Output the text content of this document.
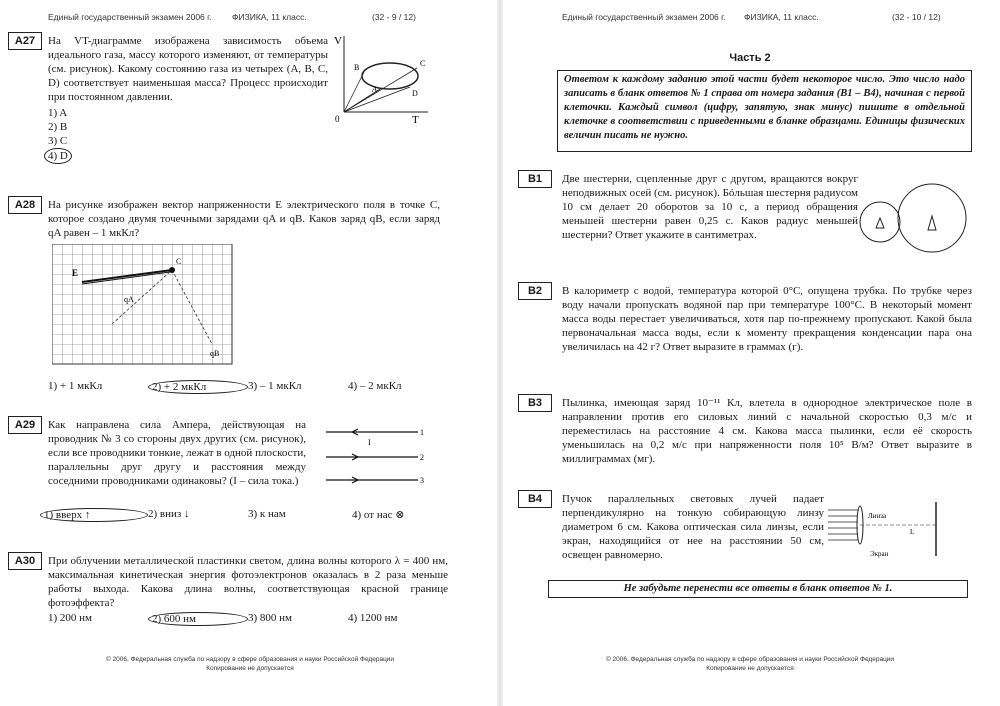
Единый государственный экзамен 2006 г. ФИЗИКА, 11 класс.	(32 - 9 / 12)
A27	На VT-диаграмме изображена зависимость объема идеального газа, массу которого изменяют, от температуры (см. рисунок). Какому состоянию газа из четырех (A, B, C, D) соответствует наименьшая масса? Процесс происходит при постоянном давлении.
1) A
2) B
3) C
4) D
V
T
0
A
B	C
D
A28	На рисунке изображен вектор напряженности E электрического поля в точке С, которое создано двумя точечными зарядами qA и qB. Каков заряд qB, если заряд qA равен – 1 мкКл?
E
C
qA
qB
1) + 1 мкКл	2) + 2 мкКл	3) – 1 мкКл	4) – 2 мкКл
A29	Как направлена сила Ампера, действующая на проводник № 3 со стороны двух других (см. рисунок), если все проводники тонкие, лежат в одной плоскости, параллельны друг другу и расстояния между соседними проводниками одинаковы? (I – сила тока.)
1
2
3
I
1) вверх ↑	2) вниз ↓	3) к нам	4) от нас ⊗
A30	При облучении металлической пластинки светом, длина волны которого λ = 400 нм, максимальная кинетическая энергия фотоэлектронов оказалась в 2 раза меньше работы выхода. Какова длина волны, соответствующая красной границе фотоэффекта?
1) 200 нм	2) 600 нм	3) 800 нм	4) 1200 нм
© 2006. Федеральная служба по надзору в сфере образования и науки Российской Федерации
Копирование не допускается
Единый государственный экзамен 2006 г. ФИЗИКА, 11 класс.	(32 - 10 / 12)
Часть 2
Ответом к каждому заданию этой части будет некоторое число. Это число надо записать в бланк ответов № 1 справа от номера задания (В1 – В4), начиная с первой клеточки. Каждый символ (цифру, запятую, знак минус) пишите в отдельной клеточке в соответствии с приведенными в бланке образцами. Единицы физических величин писать не нужно.
B1	Две шестерни, сцепленные друг с другом, вращаются вокруг неподвижных осей (см. рисунок). Бóльшая шестерня радиусом 10 см делает 20 оборотов за 10 с, а период обращения меньшей шестерни равен 0,25 с. Каков радиус меньшей шестерни? Ответ укажите в сантиметрах.
B2	В калориметр с водой, температура которой 0°С, опущена трубка. По трубке через воду начали пропускать водяной пар при температуре 100°С. В некоторый момент масса воды перестает увеличиваться, хотя пар по-прежнему пропускают. Какой была первоначальная масса воды, если к моменту прекращения конденсации пара она увеличилась на 42 г? Ответ выразите в граммах (г).
B3	Пылинка, имеющая заряд 10⁻¹¹ Кл, влетела в однородное электрическое поле в направлении против его силовых линий с начальной скоростью 0,3 м/с и переместилась на расстояние 4 см. Какова масса пылинки, если её скорость уменьшилась на 0,2 м/с при напряженности поля 10⁵ В/м? Ответ выразите в миллиграммах (мг).
B4	Пучок параллельных световых лучей падает перпендикулярно на тонкую собирающую линзу диаметром 6 см. Какова оптическая сила линзы, если экран, находящийся от нее на расстоянии 50 см, освещен равномерно.
Линза
L
Экран
Не забудьте перенести все ответы в бланк ответов № 1.
© 2006. Федеральная служба по надзору в сфере образования и науки Российской Федерации
Копирование не допускается
